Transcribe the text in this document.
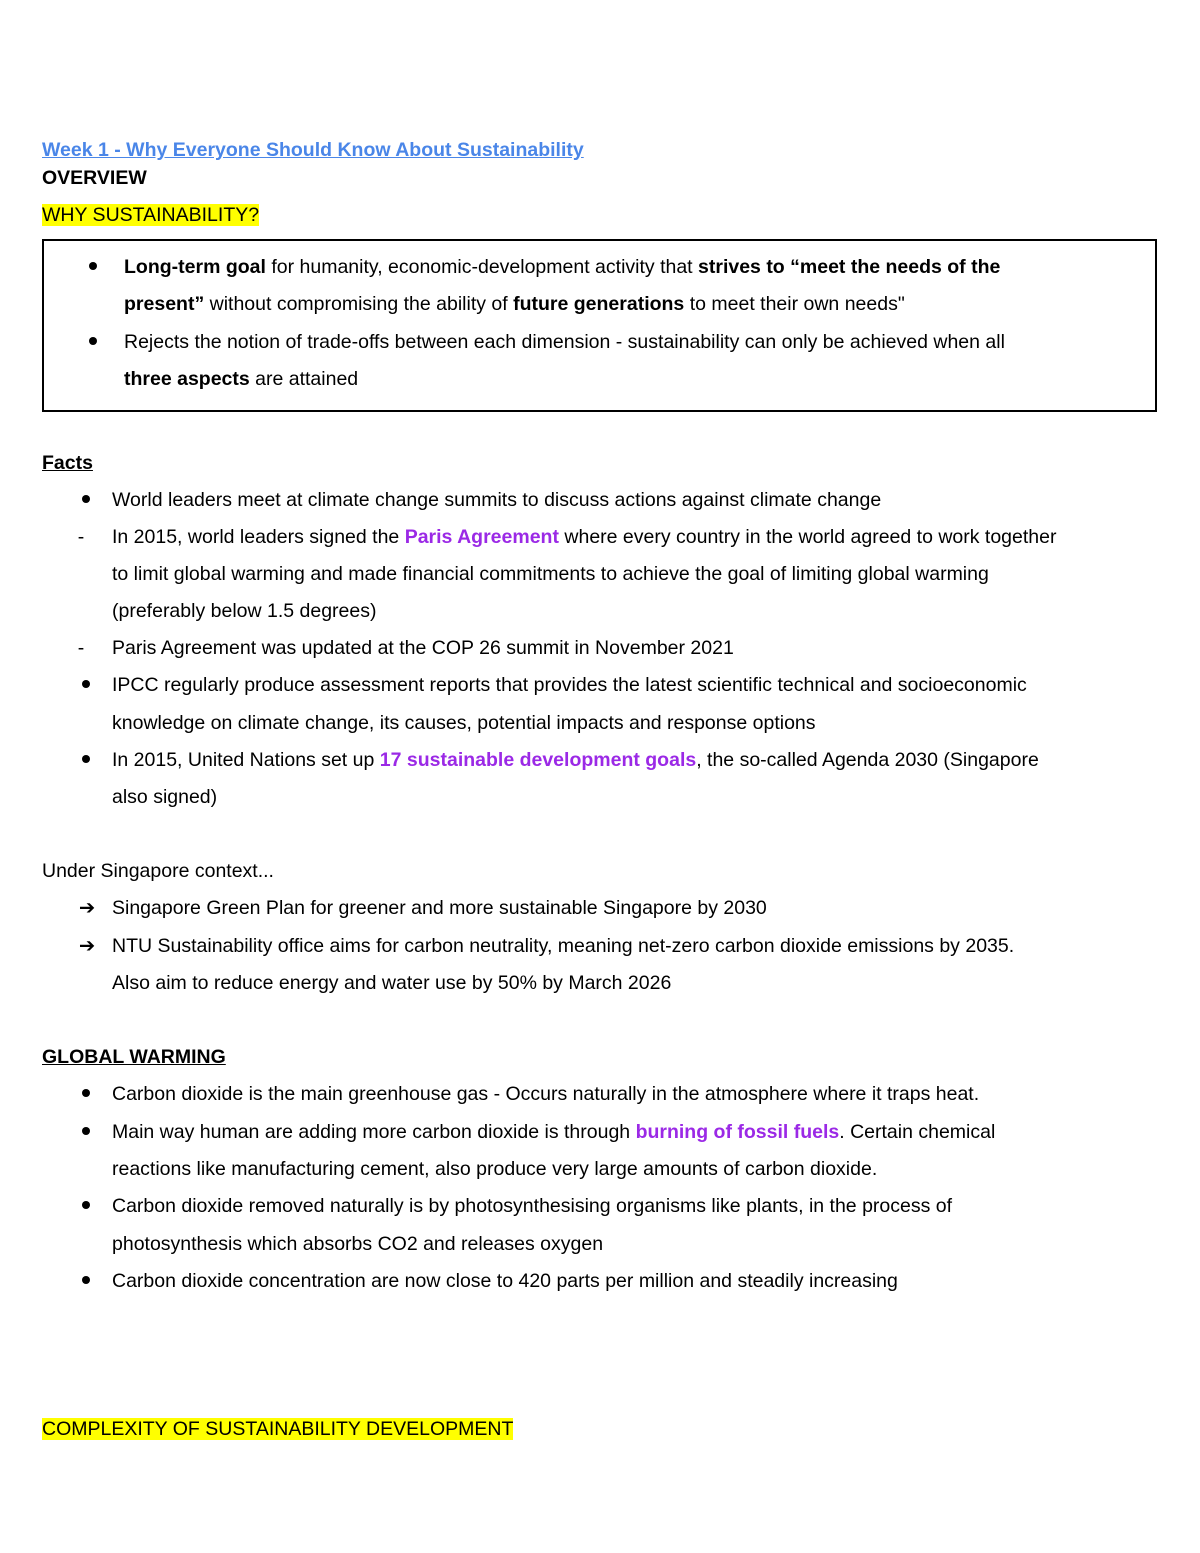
Week 1 - Why Everyone Should Know About Sustainability
OVERVIEW
WHY SUSTAINABILITY?
Long-term goal for humanity, economic-development activity that strives to “meet the needs of the
present” without compromising the ability of future generations to meet their own needs"
Rejects the notion of trade-offs between each dimension - sustainability can only be achieved when all
three aspects are attained
Facts
World leaders meet at climate change summits to discuss actions against climate change
-	In 2015, world leaders signed the Paris Agreement where every country in the world agreed to work together
to limit global warming and made financial commitments to achieve the goal of limiting global warming
(preferably below 1.5 degrees)
-	Paris Agreement was updated at the COP 26 summit in November 2021
IPCC regularly produce assessment reports that provides the latest scientific technical and socioeconomic
knowledge on climate change, its causes, potential impacts and response options
In 2015, United Nations set up 17 sustainable development goals, the so-called Agenda 2030 (Singapore
also signed)
Under Singapore context...
➔ Singapore Green Plan for greener and more sustainable Singapore by 2030
➔ NTU Sustainability office aims for carbon neutrality, meaning net-zero carbon dioxide emissions by 2035.
Also aim to reduce energy and water use by 50% by March 2026
GLOBAL WARMING
Carbon dioxide is the main greenhouse gas - Occurs naturally in the atmosphere where it traps heat.
Main way human are adding more carbon dioxide is through burning of fossil fuels. Certain chemical
reactions like manufacturing cement, also produce very large amounts of carbon dioxide.
Carbon dioxide removed naturally is by photosynthesising organisms like plants, in the process of
photosynthesis which absorbs CO2 and releases oxygen
Carbon dioxide concentration are now close to 420 parts per million and steadily increasing
COMPLEXITY OF SUSTAINABILITY DEVELOPMENT
